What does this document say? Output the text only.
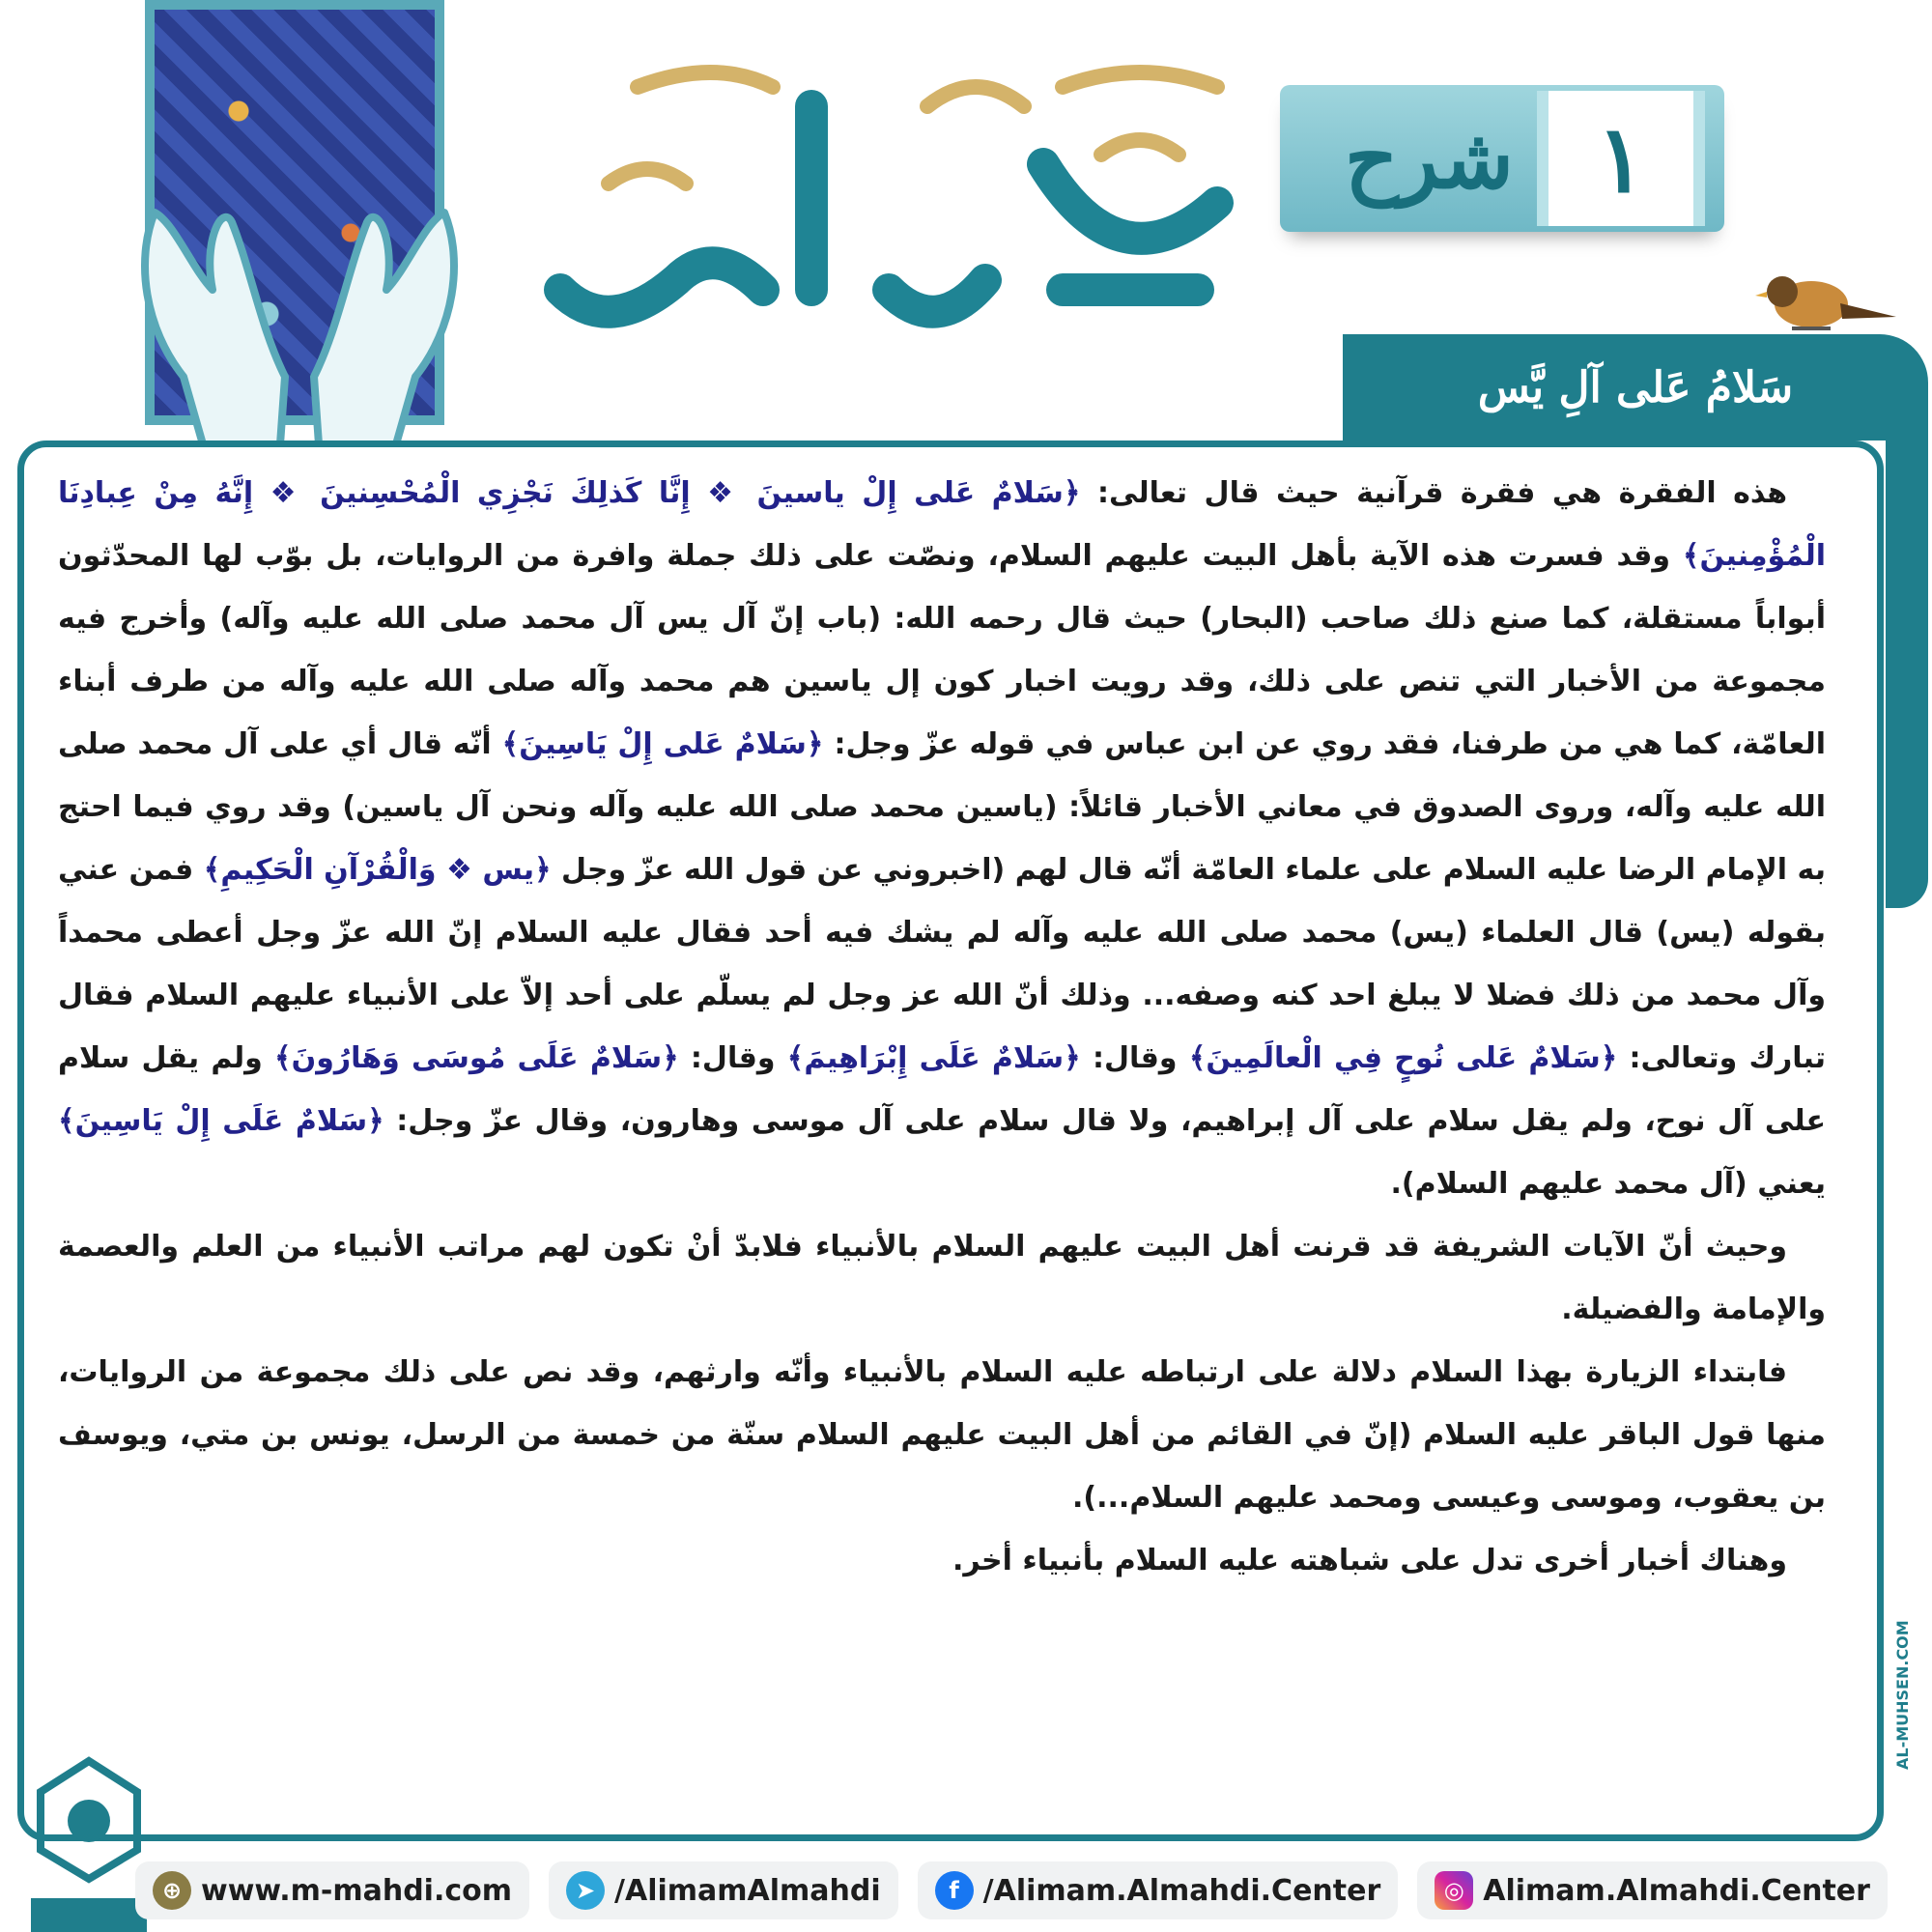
زيارة آل ياسين
شرح ١
سَلامُ عَلى آلِ يَّس

هذه الفقرة هي فقرة قرآنية حيث قال تعالى: ﴿سَلامٌ عَلى إِلْ ياسينَ ❖ إِنَّا كَذلِكَ نَجْزِي الْمُحْسِنينَ ❖ إِنَّهُ مِنْ عِبادِنَا الْمُؤْمِنينَ﴾ وقد فسرت هذه الآية بأهل البيت عليهم السلام، ونصّت على ذلك جملة وافرة من الروايات، بل بوّب لها المحدّثون أبواباً مستقلة، كما صنع ذلك صاحب (البحار) حيث قال رحمه الله: (باب إنّ آل يس آل محمد صلى الله عليه وآله) وأخرج فيه مجموعة من الأخبار التي تنص على ذلك، وقد رويت اخبار كون إل ياسين هم محمد وآله صلى الله عليه وآله من طرف أبناء العامّة، كما هي من طرفنا، فقد روي عن ابن عباس في قوله عزّ وجل: ﴿سَلامٌ عَلى إِلْ يَاسِينَ﴾ أنّه قال أي على آل محمد صلى الله عليه وآله، وروى الصدوق في معاني الأخبار قائلاً: (ياسين محمد صلى الله عليه وآله ونحن آل ياسين) وقد روي فيما احتج به الإمام الرضا عليه السلام على علماء العامّة أنّه قال لهم (اخبروني عن قول الله عزّ وجل ﴿يس ❖ وَالْقُرْآنِ الْحَكِيمِ﴾ فمن عني بقوله (يس) قال العلماء (يس) محمد صلى الله عليه وآله لم يشك فيه أحد فقال عليه السلام إنّ الله عزّ وجل أعطى محمداً وآل محمد من ذلك فضلا لا يبلغ احد كنه وصفه... وذلك أنّ الله عز وجل لم يسلّم على أحد إلاّ على الأنبياء عليهم السلام فقال تبارك وتعالى: ﴿سَلامٌ عَلى نُوحٍ فِي الْعالَمِينَ﴾ وقال: ﴿سَلامٌ عَلَى إِبْرَاهِيمَ﴾ وقال: ﴿سَلامٌ عَلَى مُوسَى وَهَارُونَ﴾ ولم يقل سلام على آل نوح، ولم يقل سلام على آل إبراهيم، ولا قال سلام على آل موسى وهارون، وقال عزّ وجل: ﴿سَلامٌ عَلَى إِلْ يَاسِينَ﴾ يعني (آل محمد عليهم السلام).

وحيث أنّ الآيات الشريفة قد قرنت أهل البيت عليهم السلام بالأنبياء فلابدّ أنْ تكون لهم مراتب الأنبياء من العلم والعصمة والإمامة والفضيلة.

فابتداء الزيارة بهذا السلام دلالة على ارتباطه عليه السلام بالأنبياء وأنّه وارثهم، وقد نص على ذلك مجموعة من الروايات، منها قول الباقر عليه السلام (إنّ في القائم من أهل البيت عليهم السلام سنّة من خمسة من الرسل، يونس بن متي، ويوسف بن يعقوب، وموسى وعيسى ومحمد عليهم السلام...).

وهناك أخبار أخرى تدل على شباهته عليه السلام بأنبياء أخر.

AL-MUHSEN.COM
⊕ www.m-mahdi.com	➤ /AlimamAlmahdi	f /Alimam.Almahdi.Center	◎ Alimam.Almahdi.Center
